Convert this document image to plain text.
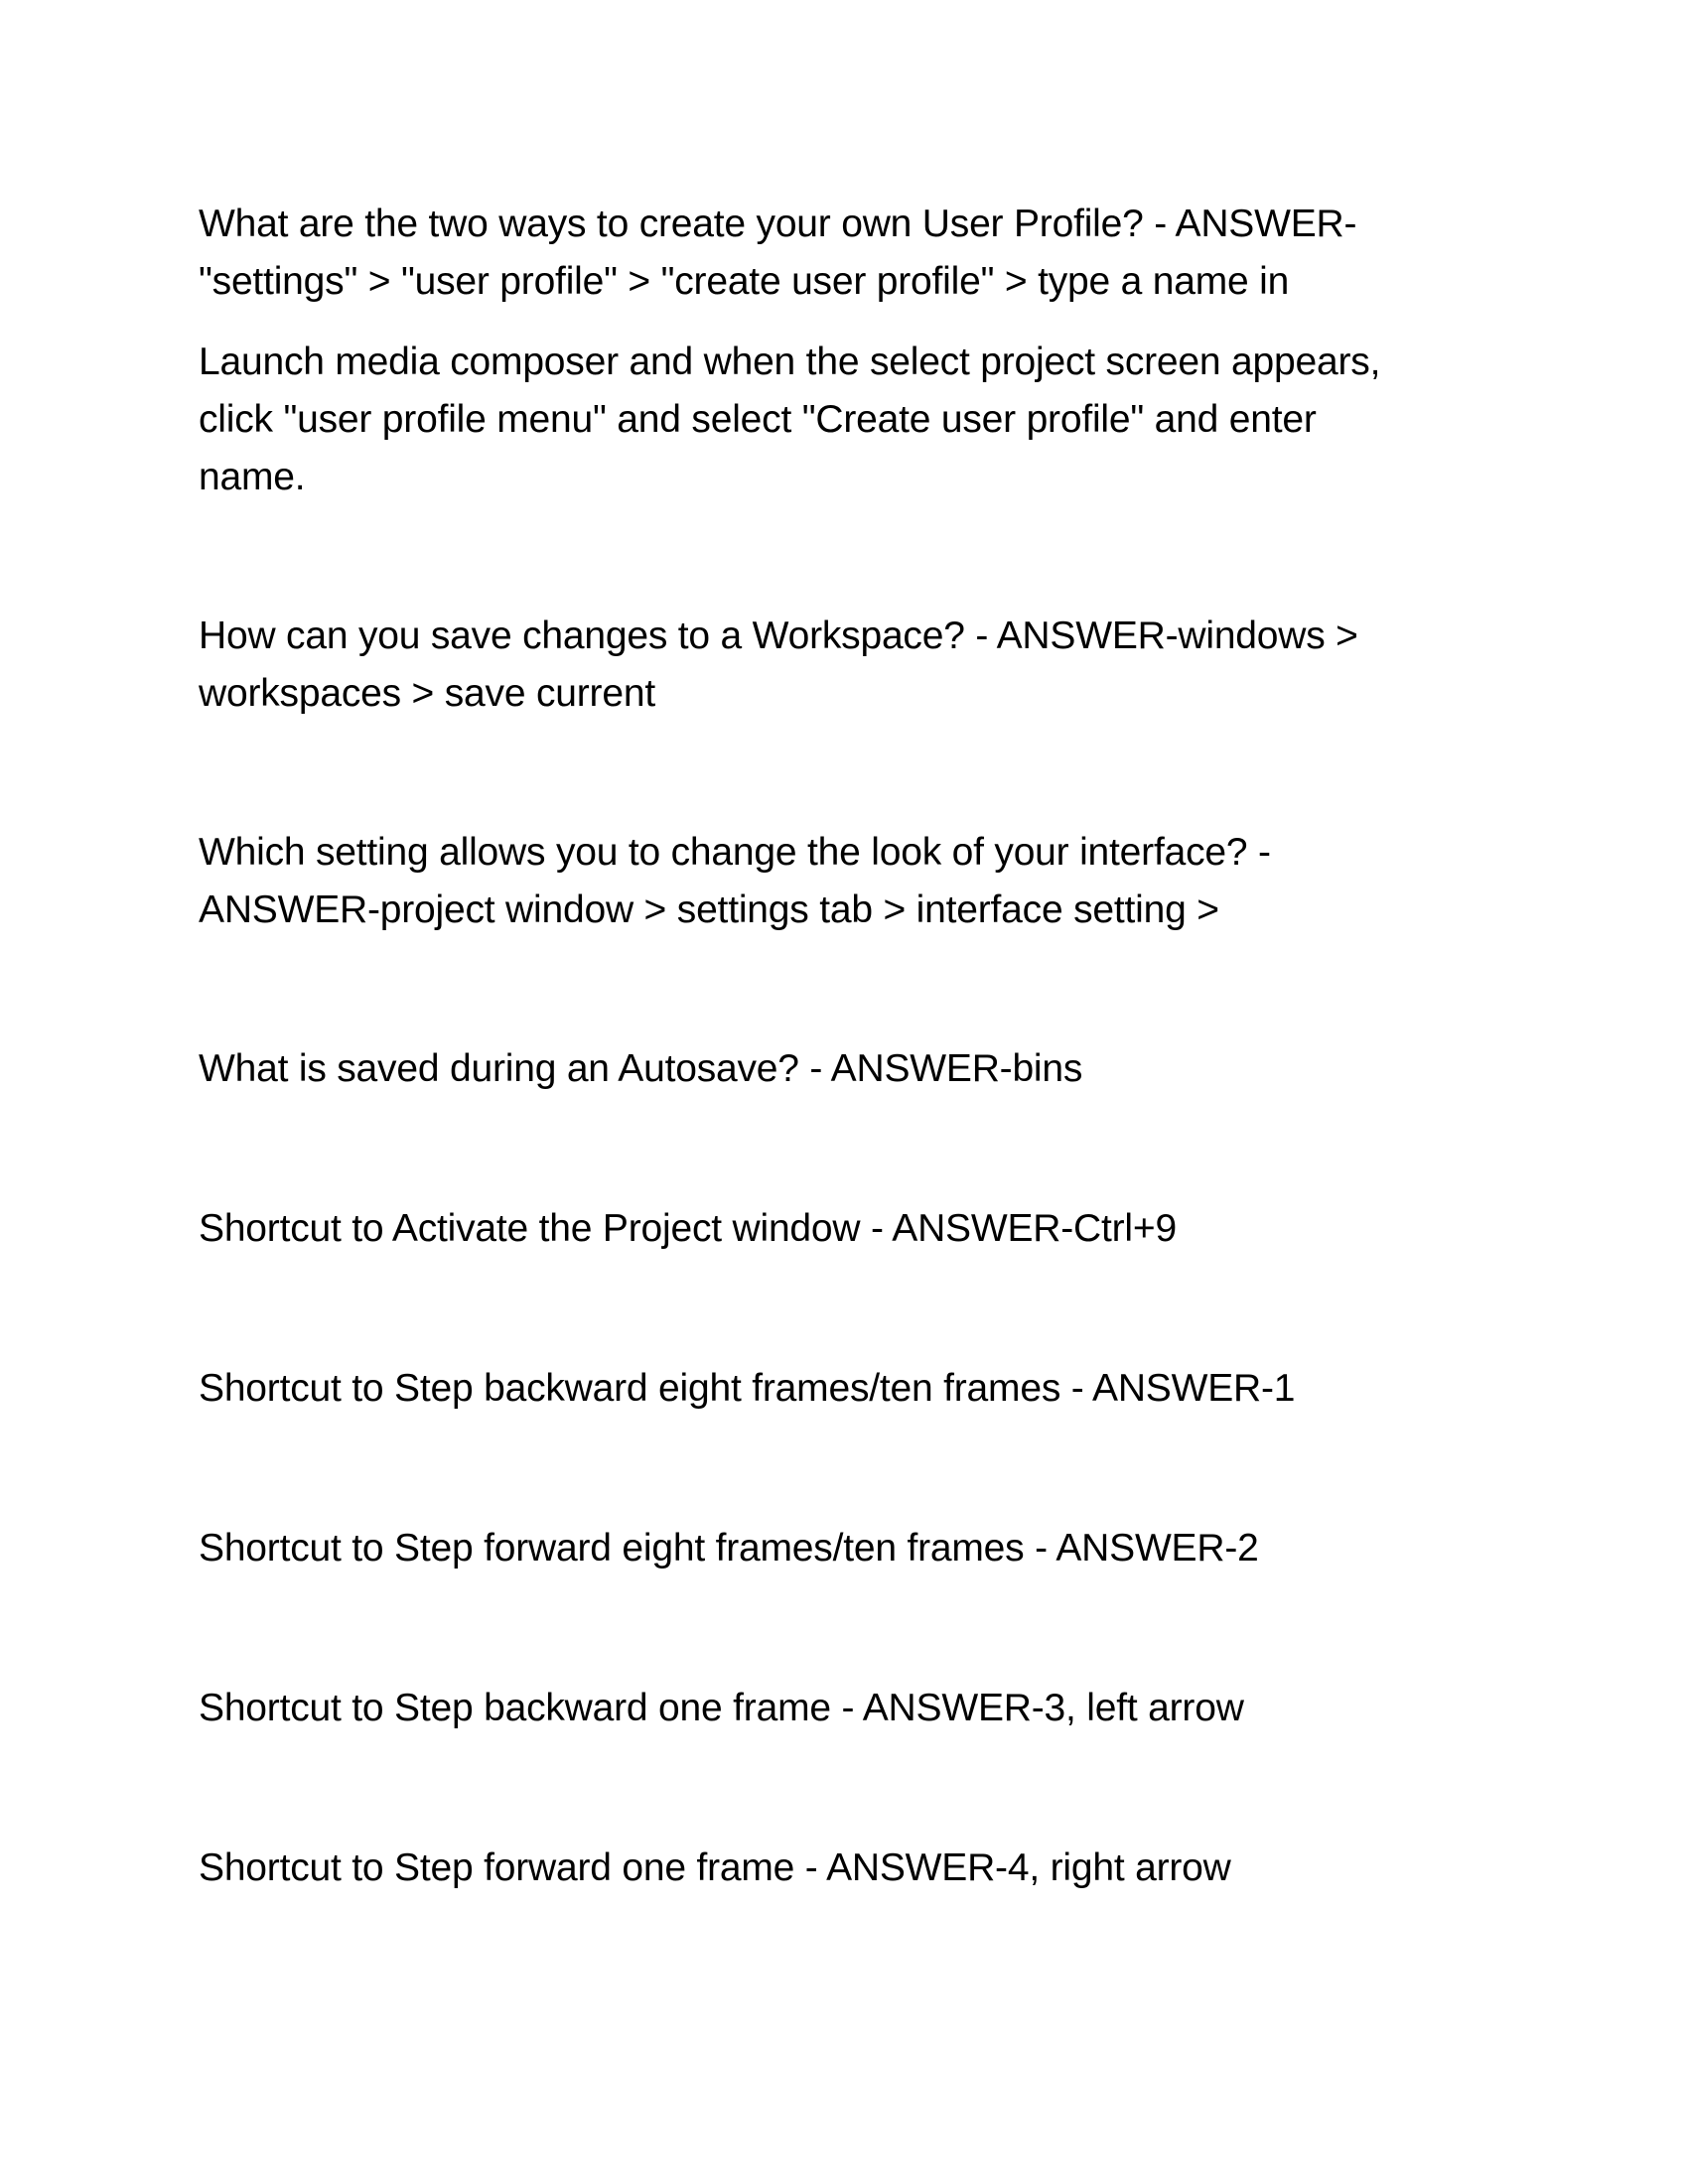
What are the two ways to create your own User Profile? - ANSWER-
"settings" > "user profile" > "create user profile" > type a name in

Launch media composer and when the select project screen appears,
click "user profile menu" and select "Create user profile" and enter
name.

How can you save changes to a Workspace? - ANSWER-windows >
workspaces > save current

Which setting allows you to change the look of your interface? -
ANSWER-project window > settings tab > interface setting >

What is saved during an Autosave? - ANSWER-bins

Shortcut to Activate the Project window - ANSWER-Ctrl+9

Shortcut to Step backward eight frames/ten frames - ANSWER-1

Shortcut to Step forward eight frames/ten frames - ANSWER-2

Shortcut to Step backward one frame - ANSWER-3, left arrow

Shortcut to Step forward one frame - ANSWER-4, right arrow
